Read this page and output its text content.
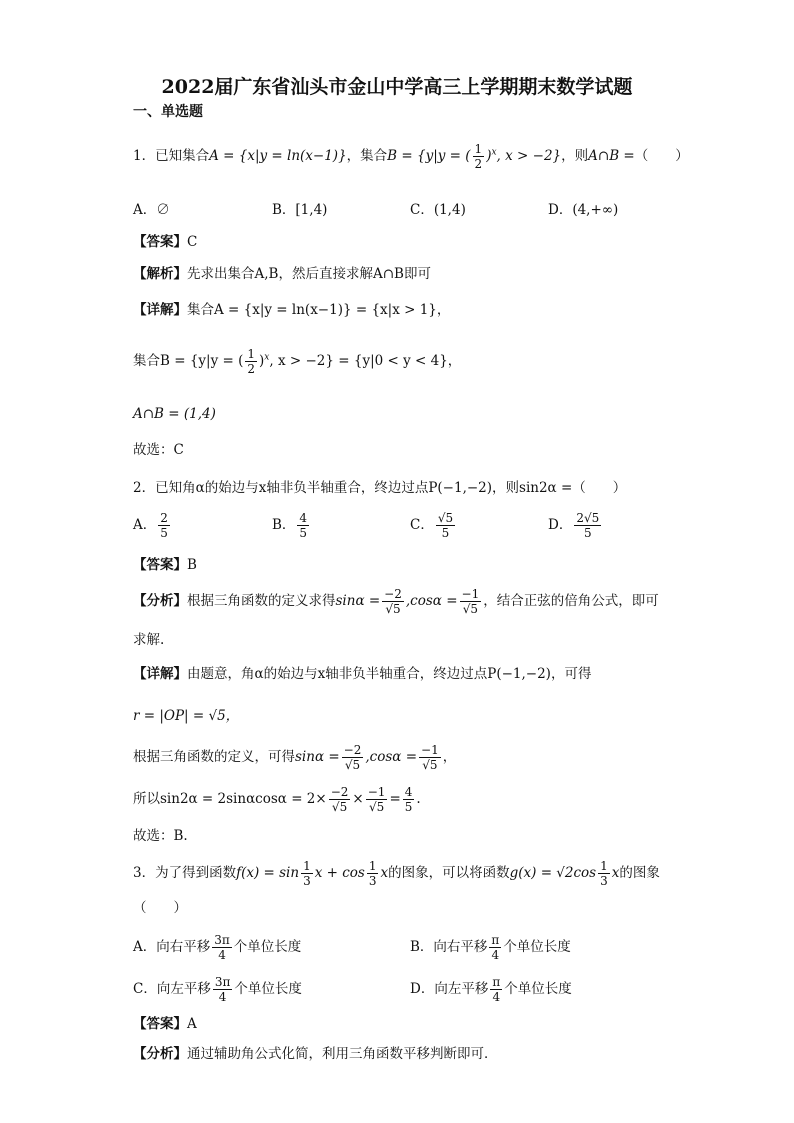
2022届广东省汕头市金山中学高三上学期期末数学试题
一、单选题
1．已知集合A = {x|y = ln(x−1)}，集合B = {y|y = ( $\frac{1}{2} )^x$, x > −2}，则A∩B =（　　）
A．∅	B．[1,4)	C．(1,4)	D．(4,+∞)
【答案】C
【解析】先求出集合A,B，然后直接求解A∩B即可
【详解】集合A = {x|y = ln(x−1)} = {x|x > 1}，
集合B = {y|y = ( $\frac{1}{2} )^x$, x > −2} = {y|0 < y < 4}，
A∩B = (1,4)
故选：C
2．已知角α的始边与x轴非负半轴重合，终边过点P(−1,−2)，则sin2α =（　　）
A． $\frac{2}{5}$	B． $\frac{4}{5}$	C． $\frac{√5}{5}$	D． $\frac{2√5}{5}$
【答案】B
【分析】根据三角函数的定义求得$\sin\alpha = \frac{-2}{√5} ,\cos\alpha = \frac{-1}{√5}$ ，结合正弦的倍角公式，即可
求解.
【详解】由题意，角α的始边与x轴非负半轴重合，终边过点P(−1,−2)，可得
r = |OP| = √5，
根据三角函数的定义，可得$\sin\alpha = \frac{-2}{√5} ,\cos\alpha = \frac{-1}{√5}$ ，
所以$\sin 2\alpha = 2\sin\alpha\cos\alpha = 2\times \frac{-2}{√5} \times \frac{-1}{√5} = \frac{4}{5}$ .
故选：B.
3．为了得到函数$f(x) = \sin \frac{1}{3}$ $x + \cos \frac{1}{3}$ x的图象，可以将函数$g(x) = √2\cos \frac{1}{3}$ x的图象
（　　）
A．向右平移 $\frac{3\pi}{4}$ 个单位长度	B．向右平移 $\frac{\pi}{4}$ 个单位长度
C．向左平移 $\frac{3\pi}{4}$ 个单位长度	D．向左平移 $\frac{\pi}{4}$ 个单位长度
【答案】A
【分析】通过辅助角公式化简，利用三角函数平移判断即可．
